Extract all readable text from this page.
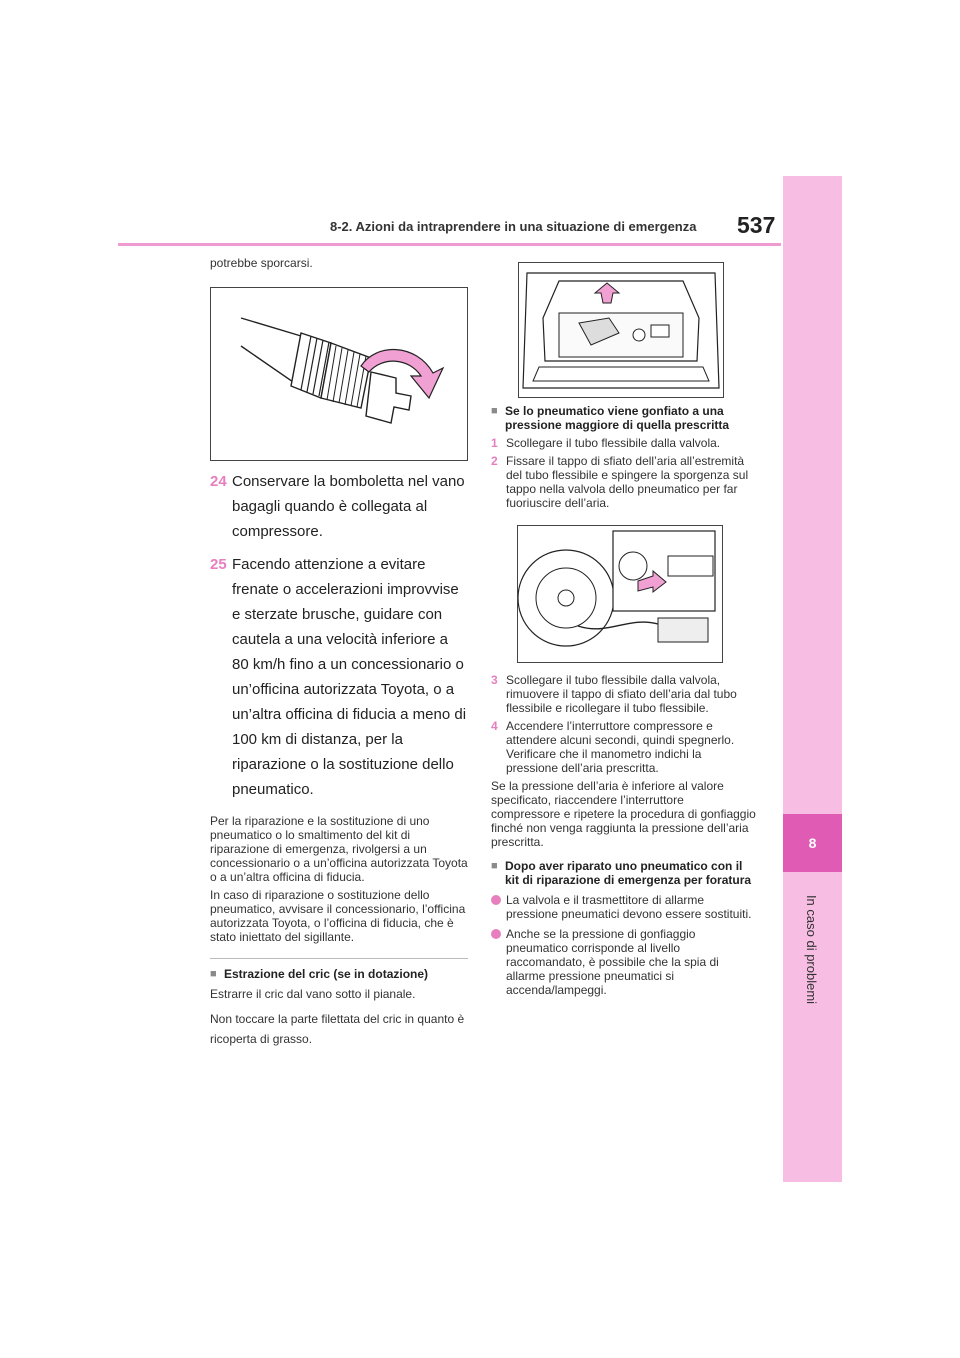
8-2. Azioni da intraprendere in una situazione di emergenza 537
8
In caso di problemi
potrebbe sporcarsi.
24 Conservare la bomboletta nel vano bagagli quando è collegata al compressore.
25 Facendo attenzione a evitare frenate o accelerazioni improvvise e sterzate brusche, guidare con cautela a una velocità inferiore a 80 km/h fino a un concessionario o un’officina autorizzata Toyota, o a un’altra officina di fiducia a meno di 100 km di distanza, per la riparazione o la sostituzione dello pneumatico.

Per la riparazione e la sostituzione di uno pneumatico o lo smaltimento del kit di riparazione di emergenza, rivolgersi a un concessionario o a un’officina autorizzata Toyota o a un’altra officina di fiducia.

In caso di riparazione o sostituzione dello pneumatico, avvisare il concessionario, l’officina autorizzata Toyota, o l’officina di fiducia, che è stato iniettato del sigillante.

■ Estrazione del cric (se in dotazione)

Estrarre il cric dal vano sotto il pianale.

Non toccare la parte filettata del cric in quanto è ricoperta di grasso.

■ Se lo pneumatico viene gonfiato a una pressione maggiore di quella prescritta
1 Scollegare il tubo flessibile dalla valvola.
2 Fissare il tappo di sfiato dell’aria all’estremità del tubo flessibile e spingere la sporgenza sul tappo nella valvola dello pneumatico per far fuoriuscire dell’aria.
3 Scollegare il tubo flessibile dalla valvola, rimuovere il tappo di sfiato dell’aria dal tubo flessibile e ricollegare il tubo flessibile.
4 Accendere l’interruttore compressore e attendere alcuni secondi, quindi spegnerlo. Verificare che il manometro indichi la pressione dell’aria prescritta.

Se la pressione dell’aria è inferiore al valore specificato, riaccendere l’interruttore compressore e ripetere la procedura di gonfiaggio finché non venga raggiunta la pressione dell’aria prescritta.

■ Dopo aver riparato uno pneumatico con il kit di riparazione di emergenza per foratura
La valvola e il trasmettitore di allarme pressione pneumatici devono essere sostituiti.
Anche se la pressione di gonfiaggio pneumatico corrisponde al livello raccomandato, è possibile che la spia di allarme pressione pneumatici si accenda/lampeggi.
